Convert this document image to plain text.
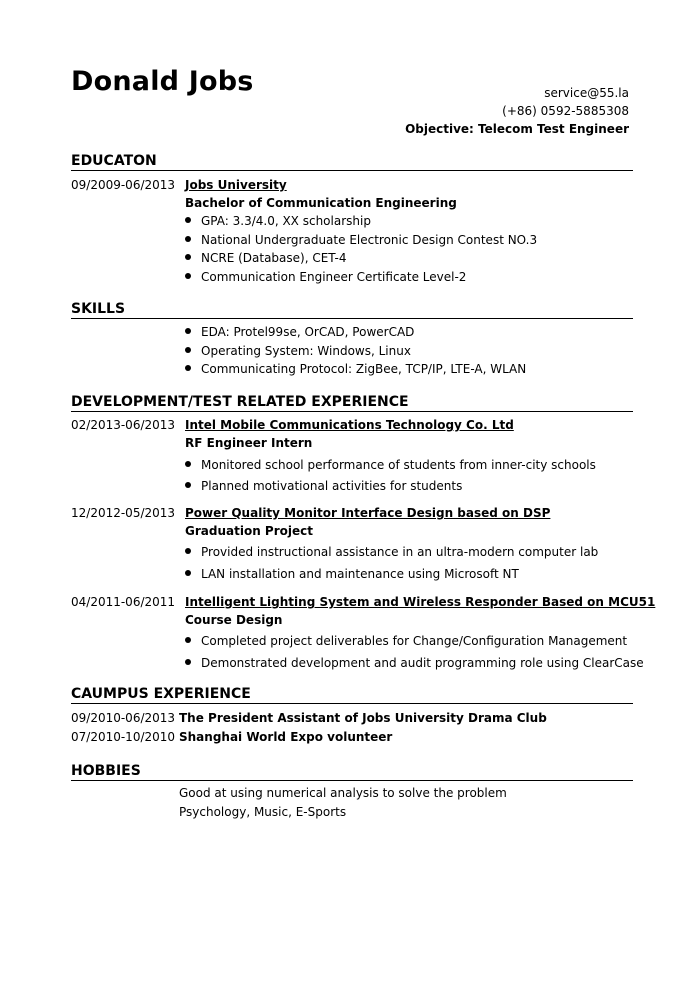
Donald Jobs	service@55.la
(+86) 0592-5885308
Objective: Telecom Test Engineer
EDUCATON
09/2009-06/2013 Jobs University
Bachelor of Communication Engineering
GPA: 3.3/4.0, XX scholarship
National Undergraduate Electronic Design Contest NO.3
NCRE (Database), CET-4
Communication Engineer Certificate Level-2
SKILLS
EDA: Protel99se, OrCAD, PowerCAD
Operating System: Windows, Linux
Communicating Protocol: ZigBee, TCP/IP, LTE-A, WLAN
DEVELOPMENT/TEST RELATED EXPERIENCE
02/2013-06/2013 Intel Mobile Communications Technology Co. Ltd
RF Engineer Intern
Monitored school performance of students from inner-city schools
Planned motivational activities for students
12/2012-05/2013 Power Quality Monitor Interface Design based on DSP
Graduation Project
Provided instructional assistance in an ultra-modern computer lab
LAN installation and maintenance using Microsoft NT
04/2011-06/2011 Intelligent Lighting System and Wireless Responder Based on MCU51
Course Design
Completed project deliverables for Change/Configuration Management
Demonstrated development and audit programming role using ClearCase
CAUMPUS EXPERIENCE
09/2010-06/2013 The President Assistant of Jobs University Drama Club
07/2010-10/2010 Shanghai World Expo volunteer
HOBBIES
Good at using numerical analysis to solve the problem
Psychology, Music, E-Sports
